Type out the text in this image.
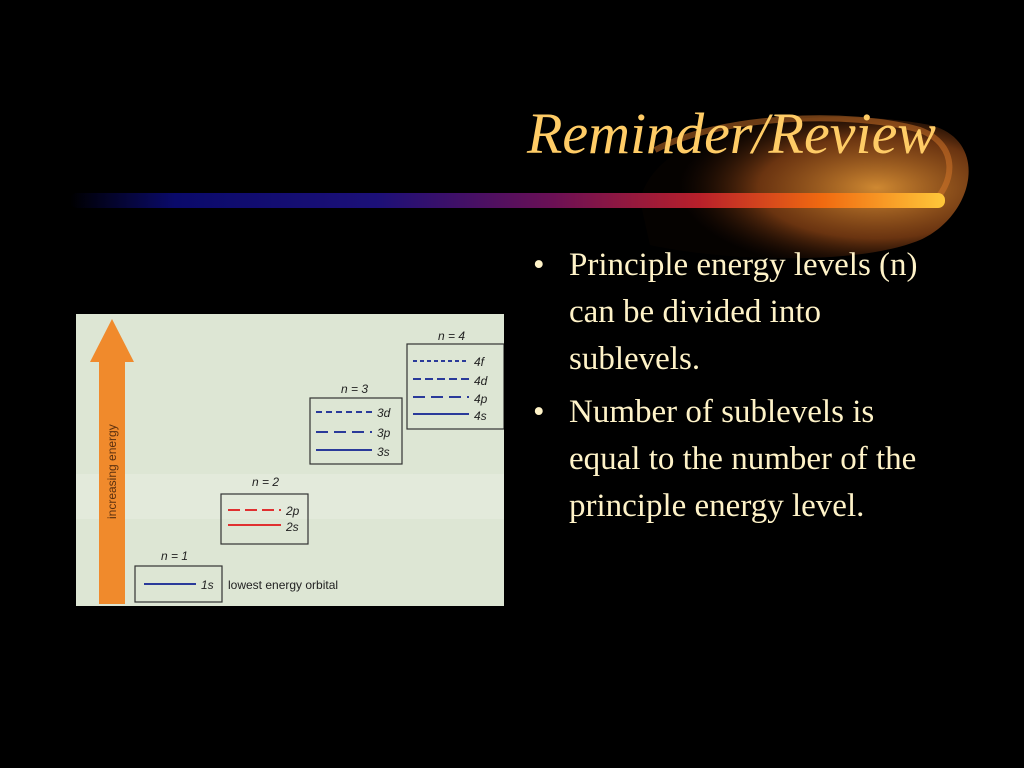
Reminder/Review
• Principle energy levels (n) can be divided into sublevels.
• Number of sublevels is equal to the number of the principle energy level.
increasing energy
n = 1
1s lowest energy orbital
n = 2
2p
2s
n = 3
3d
3p
3s
n = 4
4f
4d
4p
4s
